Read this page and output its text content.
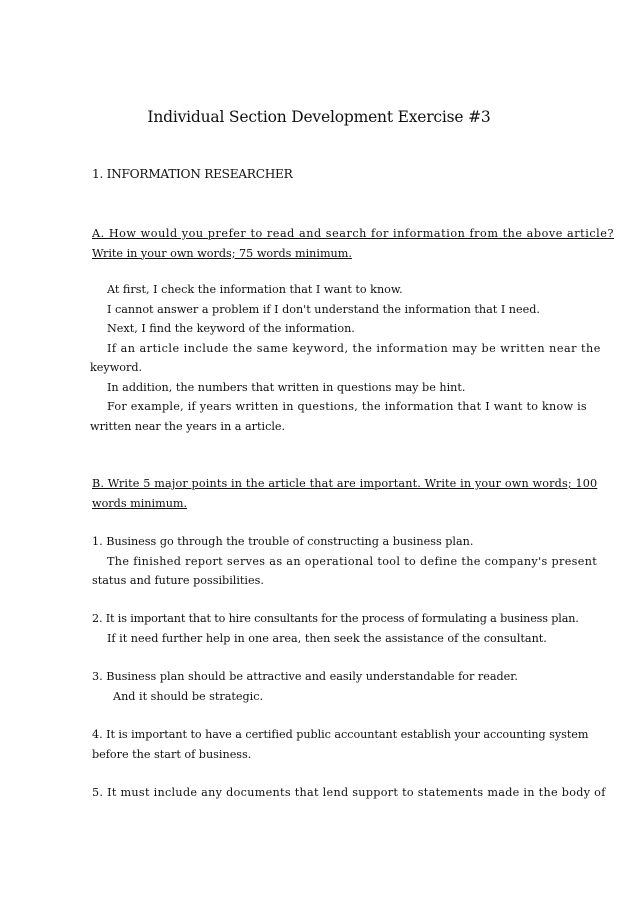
Individual Section Development Exercise #3
1. INFORMATION RESEARCHER
A. How would you prefer to read and search for information from the above article?
Write in your own words; 75 words minimum.
At first, I check the information that I want to know.
I cannot answer a problem if I don't understand the information that I need.
Next, I find the keyword of the information.
If an article include the same keyword, the information may be written near the
keyword.
In addition, the numbers that written in questions may be hint.
For example, if years written in questions, the information that I want to know is
written near the years in a article.
B. Write 5 major points in the article that are important. Write in your own words; 100
words minimum.
1. Business go through the trouble of constructing a business plan.
The finished report serves as an operational tool to define the company's present
status and future possibilities.
2. It is important that to hire consultants for the process of formulating a business plan.
If it need further help in one area, then seek the assistance of the consultant.
3. Business plan should be attractive and easily understandable for reader.
And it should be strategic.
4. It is important to have a certified public accountant establish your accounting system
before the start of business.
5. It must include any documents that lend support to statements made in the body of
